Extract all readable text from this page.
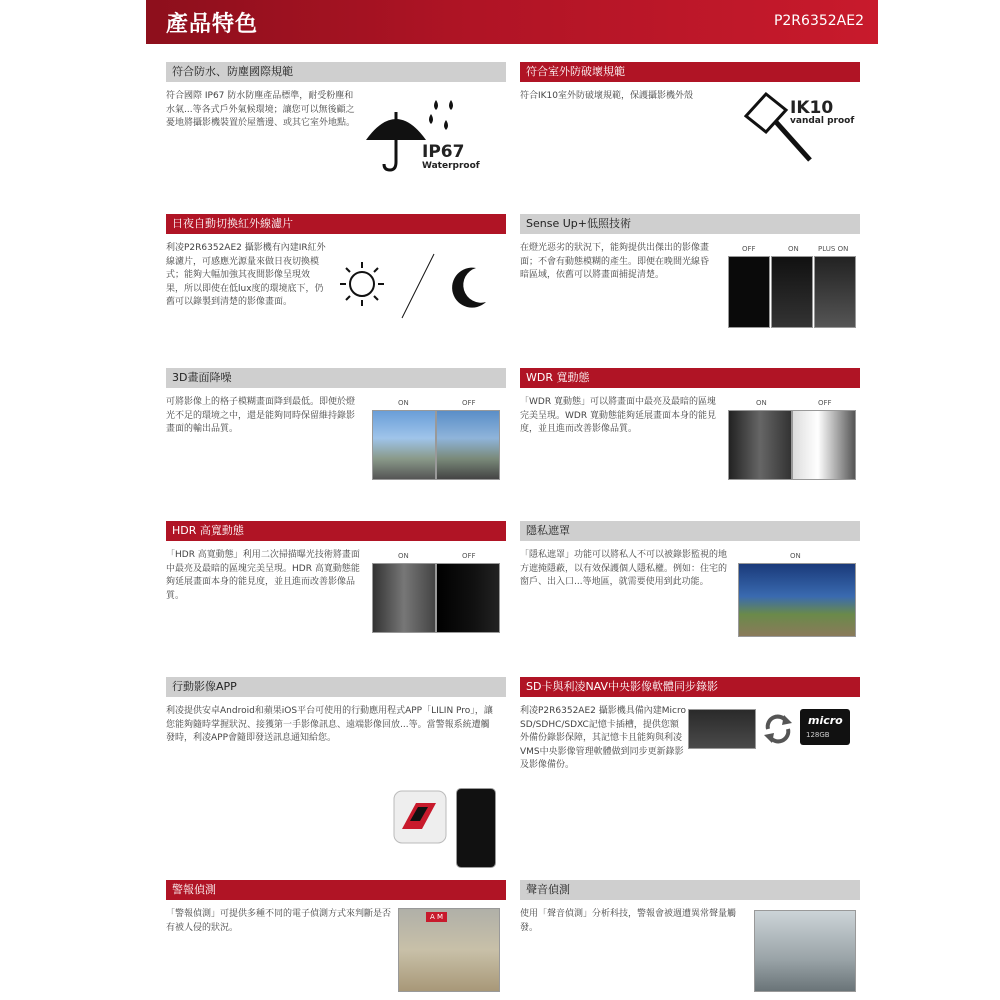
產品特色	P2R6352AE2
符合防水、防塵國際規範
符合國際 IP67 防水防塵產品標準，耐受粉塵和水氣...等各式戶外氣候環境；讓您可以無後顧之憂地將攝影機裝置於屋簷邊、或其它室外地點。
IP67
Waterproof
符合室外防破壞規範
符合IK10室外防破壞規範，保護攝影機外殼
IK10
vandal proof
日夜自動切換紅外線濾片
利凌P2R6352AE2 攝影機有內建IR紅外線濾片，可感應光源量來做日夜切換模式；能夠大幅加強其夜間影像呈現效果，所以即使在低lux度的環境底下，仍舊可以錄製到清楚的影像畫面。
Sense Up+低照技術
在燈光惡劣的狀況下，能夠提供出傑出的影像畫面；不會有動態模糊的產生。即便在晚間光線昏暗區域，依舊可以將畫面捕捉清楚。
OFF	ON	PLUS ON
3D畫面降噪
可將影像上的格子模糊畫面降到最低。即便於燈光不足的環境之中，還是能夠同時保留維持錄影畫面的輸出品質。
ON	OFF
WDR 寬動態
「WDR 寬動態」可以將畫面中最亮及最暗的區塊完美呈現。WDR 寬動態能夠延展畫面本身的能見度，並且進而改善影像品質。
ON	OFF
HDR 高寬動態
「HDR 高寬動態」利用二次掃描曝光技術將畫面中最亮及最暗的區塊完美呈現。HDR 高寬動態能夠延展畫面本身的能見度，並且進而改善影像品質。
ON	OFF
隱私遮罩
「隱私遮罩」功能可以將私人不可以被錄影監視的地方遮掩隱蔽，以有效保護個人隱私權。例如：住宅的窗戶、出入口...等地區，就需要使用到此功能。
ON
行動影像APP
利凌提供安卓Android和蘋果iOS平台可使用的行動應用程式APP「LILIN Pro」，讓您能夠隨時掌握狀況、接獲第一手影像訊息、遠端影像回放...等。當警報系統遭觸發時，利凌APP會隨即發送訊息通知給您。
SD卡與利凌NAV中央影像軟體同步錄影
利凌P2R6352AE2 攝影機具備內建Micro SD/SDHC/SDXC記憶卡插槽，提供您額外備份錄影保障，其記憶卡且能夠與利凌VMS中央影像管理軟體做到同步更新錄影及影像備份。
micro
128GB
警報偵測
「警報偵測」可提供多種不同的電子偵測方式來判斷是否有被人侵的狀況。
A M
聲音偵測
使用「聲音偵測」分析科技，警報會被週遭異常聲量觸發。
